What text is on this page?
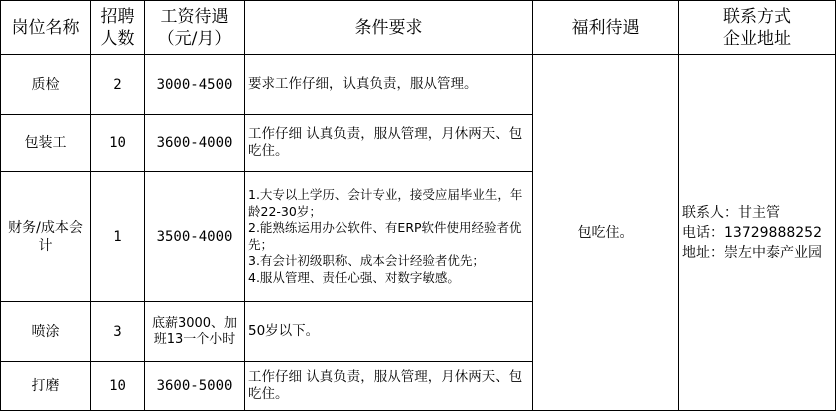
岗位名称	招聘
人数	工资待遇
（元/月）	条件要求	福利待遇	联系方式
企业地址
质检	2	3000-4500	要求工作仔细，认真负责，服从管理。	包吃住。	联系人：甘主管
电话：13729888252
地址：崇左中泰产业园

包装工	10	3600-4000	工作仔细 认真负责，服从管理，月休两天、包吃住。		
财务/成本会计	1	3500-4000	1.大专以上学历、会计专业，接受应届毕业生，年龄22-30岁；
2.能熟练运用办公软件、有ERP软件使用经验者优先；
3.有会计初级职称、成本会计经验者优先；
4.服从管理、责任心强、对数字敏感。		
喷涂	3	底薪3000、加班13一个小时	50岁以下。		
打磨	10	3600-5000	工作仔细 认真负责，服从管理，月休两天、包吃住。		
